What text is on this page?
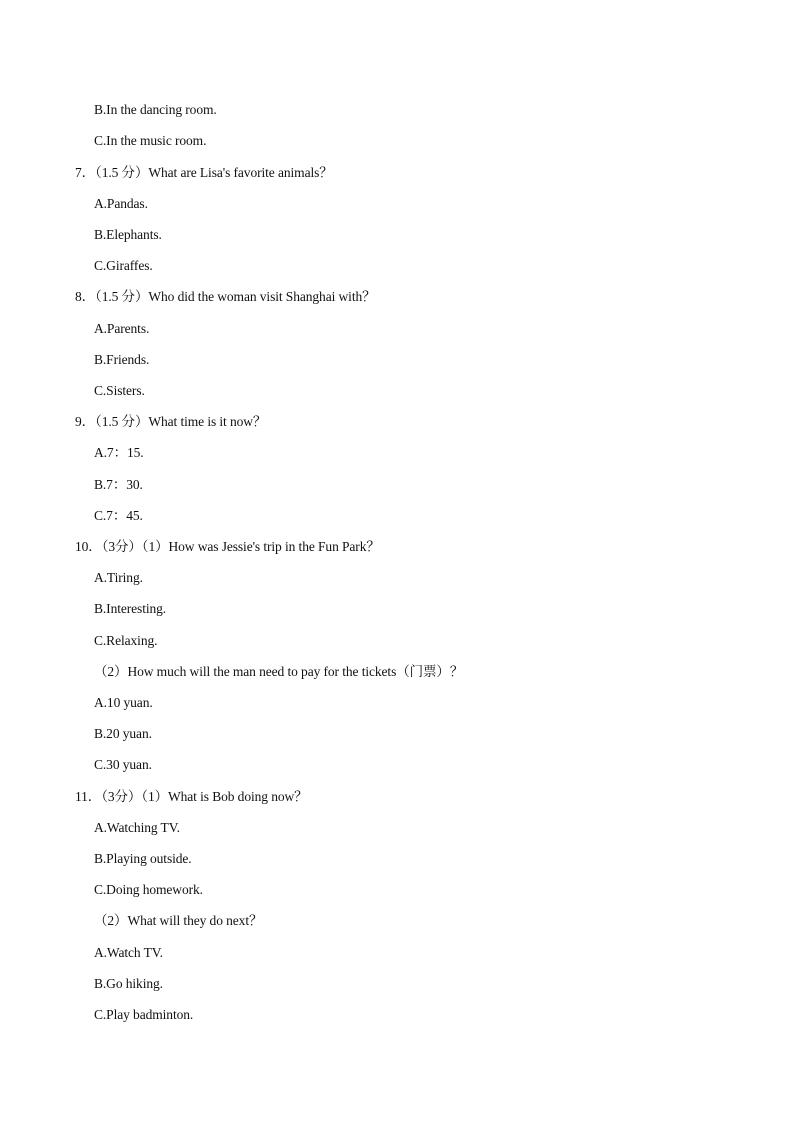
B.In the dancing room.
C.In the music room.
7．（1.5 分）What are Lisa's favorite animals？
A.Pandas.
B.Elephants.
C.Giraffes.
8．（1.5 分）Who did the woman visit Shanghai with？
A.Parents.
B.Friends.
C.Sisters.
9．（1.5 分）What time is it now？
A.7：15.
B.7：30.
C.7：45.
10．（3分）（1）How was Jessie's trip in the Fun Park？
A.Tiring.
B.Interesting.
C.Relaxing.
（2）How much will the man need to pay for the tickets（门票）？
A.10 yuan.
B.20 yuan.
C.30 yuan.
11．（3分）（1）What is Bob doing now？
A.Watching TV.
B.Playing outside.
C.Doing homework.
（2）What will they do next？
A.Watch TV.
B.Go hiking.
C.Play badminton.
